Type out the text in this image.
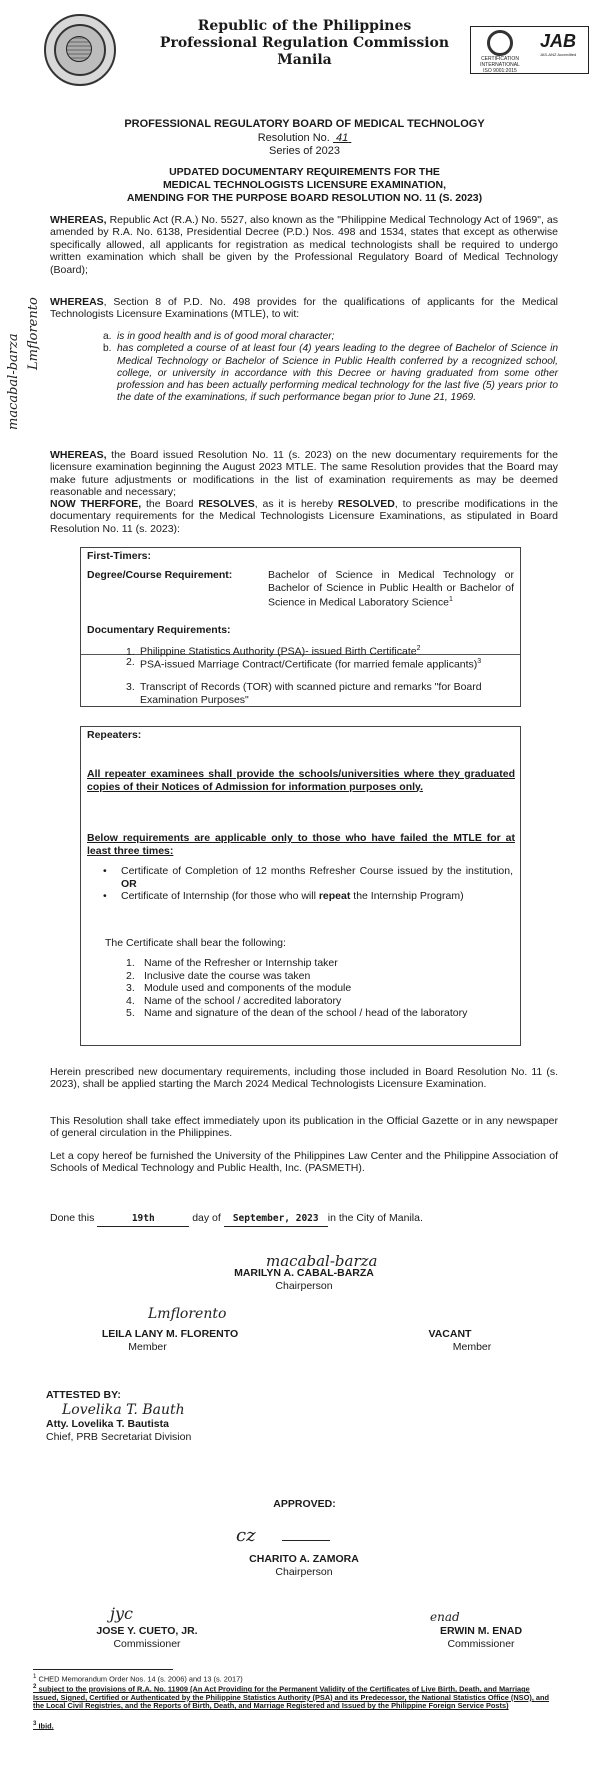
Republic of the Philippines
Professional Regulation Commission
Manila	CERTIFICATION INTERNATIONAL
ISO 9001:2015
JAB
JAS-ANZ Accredited
PROFESSIONAL REGULATORY BOARD OF MEDICAL TECHNOLOGY
Resolution No. 41
Series of 2023
UPDATED DOCUMENTARY REQUIREMENTS FOR THE
MEDICAL TECHNOLOGISTS LICENSURE EXAMINATION,
AMENDING FOR THE PURPOSE BOARD RESOLUTION NO. 11 (S. 2023)
WHEREAS, Republic Act (R.A.) No. 5527, also known as the "Philippine Medical Technology Act of 1969", as amended by R.A. No. 6138, Presidential Decree (P.D.) Nos. 498 and 1534, states that except as otherwise specifically allowed, all applicants for registration as medical technologists shall be required to undergo written examination which shall be given by the Professional Regulatory Board of Medical Technology (Board);
WHEREAS, Section 8 of P.D. No. 498 provides for the qualifications of applicants for the Medical Technologists Licensure Examinations (MTLE), to wit:
a. is in good health and is of good moral character;
b. has completed a course of at least four (4) years leading to the degree of Bachelor of Science in Medical Technology or Bachelor of Science in Public Health conferred by a recognized school, college, or university in accordance with this Decree or having graduated from some other profession and has been actually performing medical technology for the last five (5) years prior to the date of the examinations, if such performance began prior to June 21, 1969.
macabal-barza Lmflorento
WHEREAS, the Board issued Resolution No. 11 (s. 2023) on the new documentary requirements for the licensure examination beginning the August 2023 MTLE. The same Resolution provides that the Board may make future adjustments or modifications in the list of examination requirements as may be deemed reasonable and necessary;
NOW THERFORE, the Board RESOLVES, as it is hereby RESOLVED, to prescribe modifications in the documentary requirements for the Medical Technologists Licensure Examinations, as stipulated in Board Resolution No. 11 (s. 2023):
First-Timers:
Degree/Course Requirement:	Bachelor of Science in Medical Technology or Bachelor of Science in Public Health or Bachelor of Science in Medical Laboratory Science$^1$
Documentary Requirements:
1. Philippine Statistics Authority (PSA)- issued Birth Certificate$^2$
2. PSA-issued Marriage Contract/Certificate (for married female applicants)$^3$
3. Transcript of Records (TOR) with scanned picture and remarks "for Board Examination Purposes"
Repeaters:
All repeater examinees shall provide the schools/universities where they graduated copies of their Notices of Admission for information purposes only.
Below requirements are applicable only to those who have failed the MTLE for at least three times:
•	Certificate of Completion of 12 months Refresher Course issued by the institution, OR
•	Certificate of Internship (for those who will repeat the Internship Program)
The Certificate shall bear the following:
1. Name of the Refresher or Internship taker
2. Inclusive date the course was taken
3. Module used and components of the module
4. Name of the school / accredited laboratory
5. Name and signature of the dean of the school / head of the laboratory
Herein prescribed new documentary requirements, including those included in Board Resolution No. 11 (s. 2023), shall be applied starting the March 2024 Medical Technologists Licensure Examination.
This Resolution shall take effect immediately upon its publication in the Official Gazette or in any newspaper of general circulation in the Philippines.
Let a copy hereof be furnished the University of the Philippines Law Center and the Philippine Association of Schools of Medical Technology and Public Health, Inc. (PASMETH).
Done this	19th	day of September, 2023 in the City of Manila.
macabal-barza
MARILYN A. CABAL-BARZA
Chairperson
Lmflorento
LEILA LANY M. FLORENTO
Member
VACANT
Member
ATTESTED BY:
Lovelika T. Bauth
Atty. Lovelika T. Bautista
Chief, PRB Secretariat Division
APPROVED:
cz
CHARITO A. ZAMORA
Chairperson
jyc
JOSE Y. CUETO, JR.
Commissioner
enad
ERWIN M. ENAD
Commissioner
$^1$ CHED Memorandum Order Nos. 14 (s. 2006) and 13 (s. 2017)
$^2$ subject to the provisions of R.A. No. 11909 (An Act Providing for the Permanent Validity of the Certificates of Live Birth, Death, and Marriage Issued, Signed, Certified or Authenticated by the Philippine Statistics Authority (PSA) and its Predecessor, the National Statistics Office (NSO), and the Local Civil Registries, and the Reports of Birth, Death, and Marriage Registered and Issued by the Philippine Foreign Service Posts)
$^3$ Ibid.
